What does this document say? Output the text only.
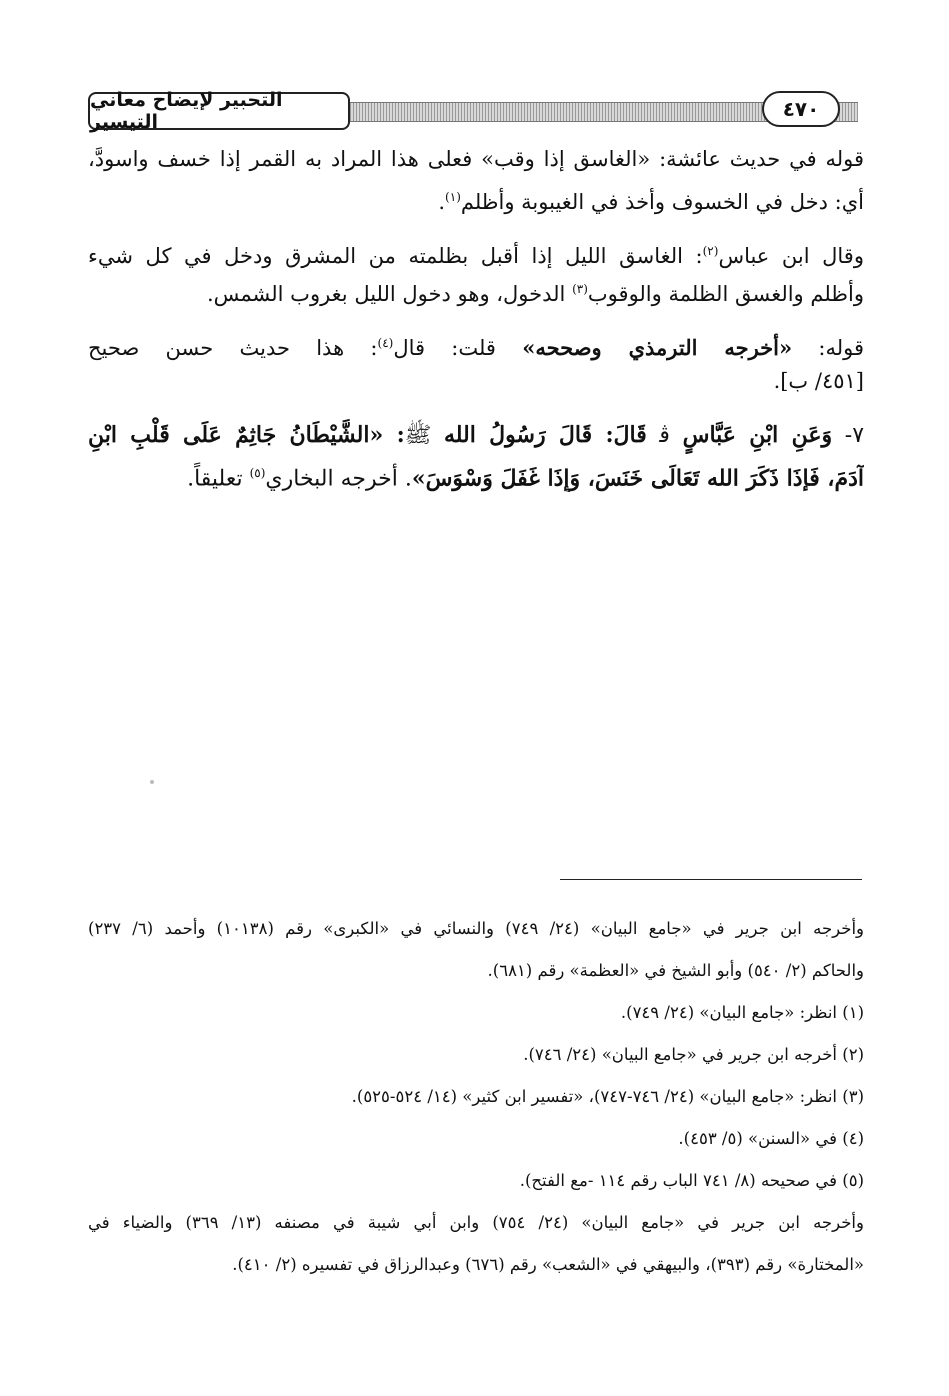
التحبير لإيضاح معاني التيسير
٤٧٠
قوله في حديث عائشة: «الغاسق إذا وقب» فعلى هذا المراد به القمر إذا خسف واسودَّ،
أي: دخل في الخسوف وأخذ في الغيبوبة وأظلم$^{(١)}$.
وقال ابن عباس$^{(٢)}$: الغاسق الليل إذا أقبل بظلمته من المشرق ودخل في كل شيء
وأظلم والغسق الظلمة والوقوب$^{(٣)}$ الدخول، وهو دخول الليل بغروب الشمس.
قوله: «أخرجه الترمذي وصححه» قلت: قال$^{(٤)}$: هذا حديث حسن صحيح
[٤٥١/ ب].
٧- وَعَنِ ابْنِ عَبَّاسٍ ﭬ قَالَ: قَالَ رَسُولُ الله ﷺ: «الشَّيْطَانُ جَاثِمٌ عَلَى قَلْبِ ابْنِ
آدَمَ، فَإِذَا ذَكَرَ الله تَعَالَى خَنَسَ، وَإِذَا غَفَلَ وَسْوَسَ». أخرجه البخاري$^{(٥)}$ تعليقاً.
وأخرجه ابن جرير في «جامع البيان» (٢٤/ ٧٤٩) والنسائي في «الكبرى» رقم (١٠١٣٨) وأحمد (٦/ ٢٣٧)
والحاكم (٢/ ٥٤٠) وأبو الشيخ في «العظمة» رقم (٦٨١).
(١) انظر: «جامع البيان» (٢٤/ ٧٤٩).
(٢) أخرجه ابن جرير في «جامع البيان» (٢٤/ ٧٤٦).
(٣) انظر: «جامع البيان» (٢٤/ ٧٤٦-٧٤٧)، «تفسير ابن كثير» (١٤/ ٥٢٤-٥٢٥).
(٤) في «السنن» (٥/ ٤٥٣).
(٥) في صحيحه (٨/ ٧٤١ الباب رقم ١١٤ -مع الفتح).
وأخرجه ابن جرير في «جامع البيان» (٢٤/ ٧٥٤) وابن أبي شيبة في مصنفه (١٣/ ٣٦٩) والضياء في
«المختارة» رقم (٣٩٣)، والبيهقي في «الشعب» رقم (٦٧٦) وعبدالرزاق في تفسيره (٢/ ٤١٠).
